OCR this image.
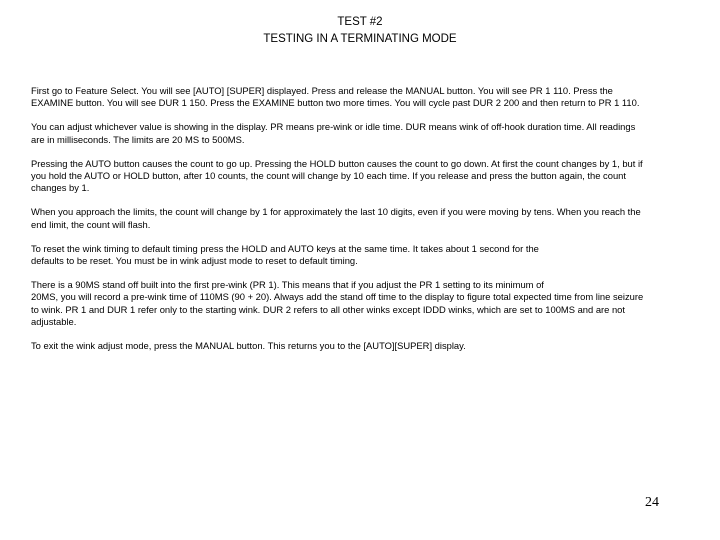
TEST #2
TESTING IN A TERMINATING MODE

First go to Feature Select. You will see [AUTO] [SUPER] displayed. Press and release the MANUAL button. You will see PR 1 110. Press the
EXAMINE button. You will see DUR 1 150. Press the EXAMINE button two more times. You will cycle past DUR 2 200 and then return to PR 1 110.

You can adjust whichever value is showing in the display. PR means pre-wink or idle time. DUR means wink of off-hook duration time. All readings
are in milliseconds. The limits are 20 MS to 500MS.

Pressing the AUTO button causes the count to go up. Pressing the HOLD button causes the count to go down. At first the count changes by 1, but if
you hold the AUTO or HOLD button, after 10 counts, the count will change by 10 each time. If you release and press the button again, the count
changes by 1.

When you approach the limits, the count will change by 1 for approximately the last 10 digits, even if you were moving by tens. When you reach the
end limit, the count will flash.

To reset the wink timing to default timing press the HOLD and AUTO keys at the same time. It takes about 1 second for the
defaults to be reset. You must be in wink adjust mode to reset to default timing.

There is a 90MS stand off built into the first pre-wink (PR 1). This means that if you adjust the PR 1 setting to its minimum of
20MS, you will record a pre-wink time of 110MS (90 + 20). Always add the stand off time to the display to figure total expected time from line seizure
to wink. PR 1 and DUR 1 refer only to the starting wink. DUR 2 refers to all other winks except IDDD winks, which are set to 100MS and are not
adjustable.

To exit the wink adjust mode, press the MANUAL button. This returns you to the [AUTO][SUPER] display.

24
